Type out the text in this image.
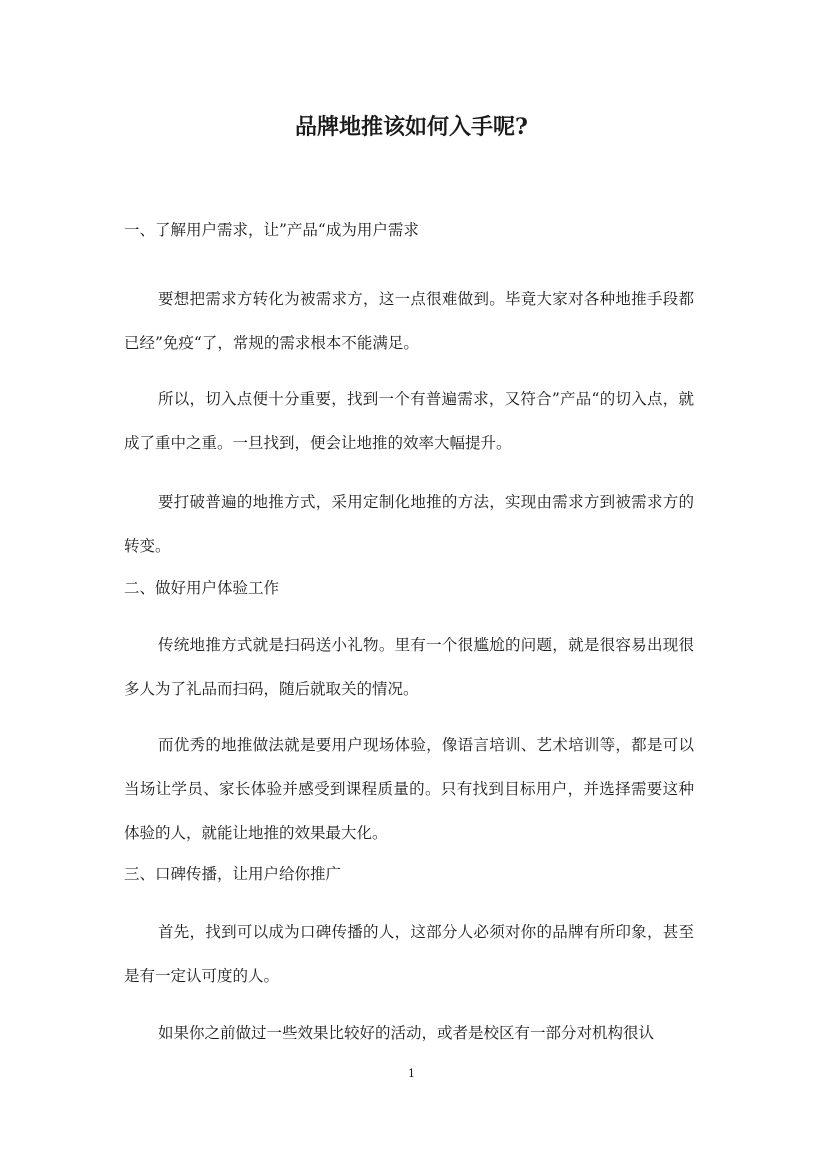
品牌地推该如何入手呢?
一、了解用户需求，让”产品“成为用户需求

要想把需求方转化为被需求方，这一点很难做到。毕竟大家对各种地推手段都已经”免疫“了，常规的需求根本不能满足。

所以，切入点便十分重要，找到一个有普遍需求，又符合”产品“的切入点，就成了重中之重。一旦找到，便会让地推的效率大幅提升。

要打破普遍的地推方式，采用定制化地推的方法，实现由需求方到被需求方的转变。

二、做好用户体验工作

传统地推方式就是扫码送小礼物。里有一个很尴尬的问题，就是很容易出现很多人为了礼品而扫码，随后就取关的情况。

而优秀的地推做法就是要用户现场体验，像语言培训、艺术培训等，都是可以当场让学员、家长体验并感受到课程质量的。只有找到目标用户，并选择需要这种体验的人，就能让地推的效果最大化。

三、口碑传播，让用户给你推广

首先，找到可以成为口碑传播的人，这部分人必须对你的品牌有所印象，甚至是有一定认可度的人。

如果你之前做过一些效果比较好的活动，或者是校区有一部分对机构很认

1
